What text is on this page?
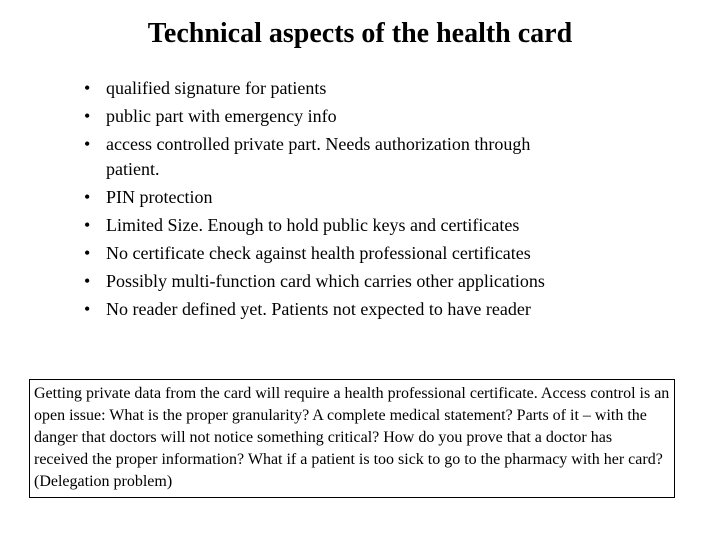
Technical aspects of the health card
• qualified signature for patients
• public part with emergency info
• access controlled private part. Needs authorization through patient.
• PIN protection
• Limited Size. Enough to hold public keys and certificates
• No certificate check against health professional certificates
• Possibly multi-function card which carries other applications
• No reader defined yet. Patients not expected to have reader

Getting private data from the card will require a health professional certificate. Access control is an open issue: What is the proper granularity? A complete medical statement? Parts of it – with the danger that doctors will not notice something critical? How do you prove that a doctor has received the proper information? What if a patient is too sick to go to the pharmacy with her card? (Delegation problem)
